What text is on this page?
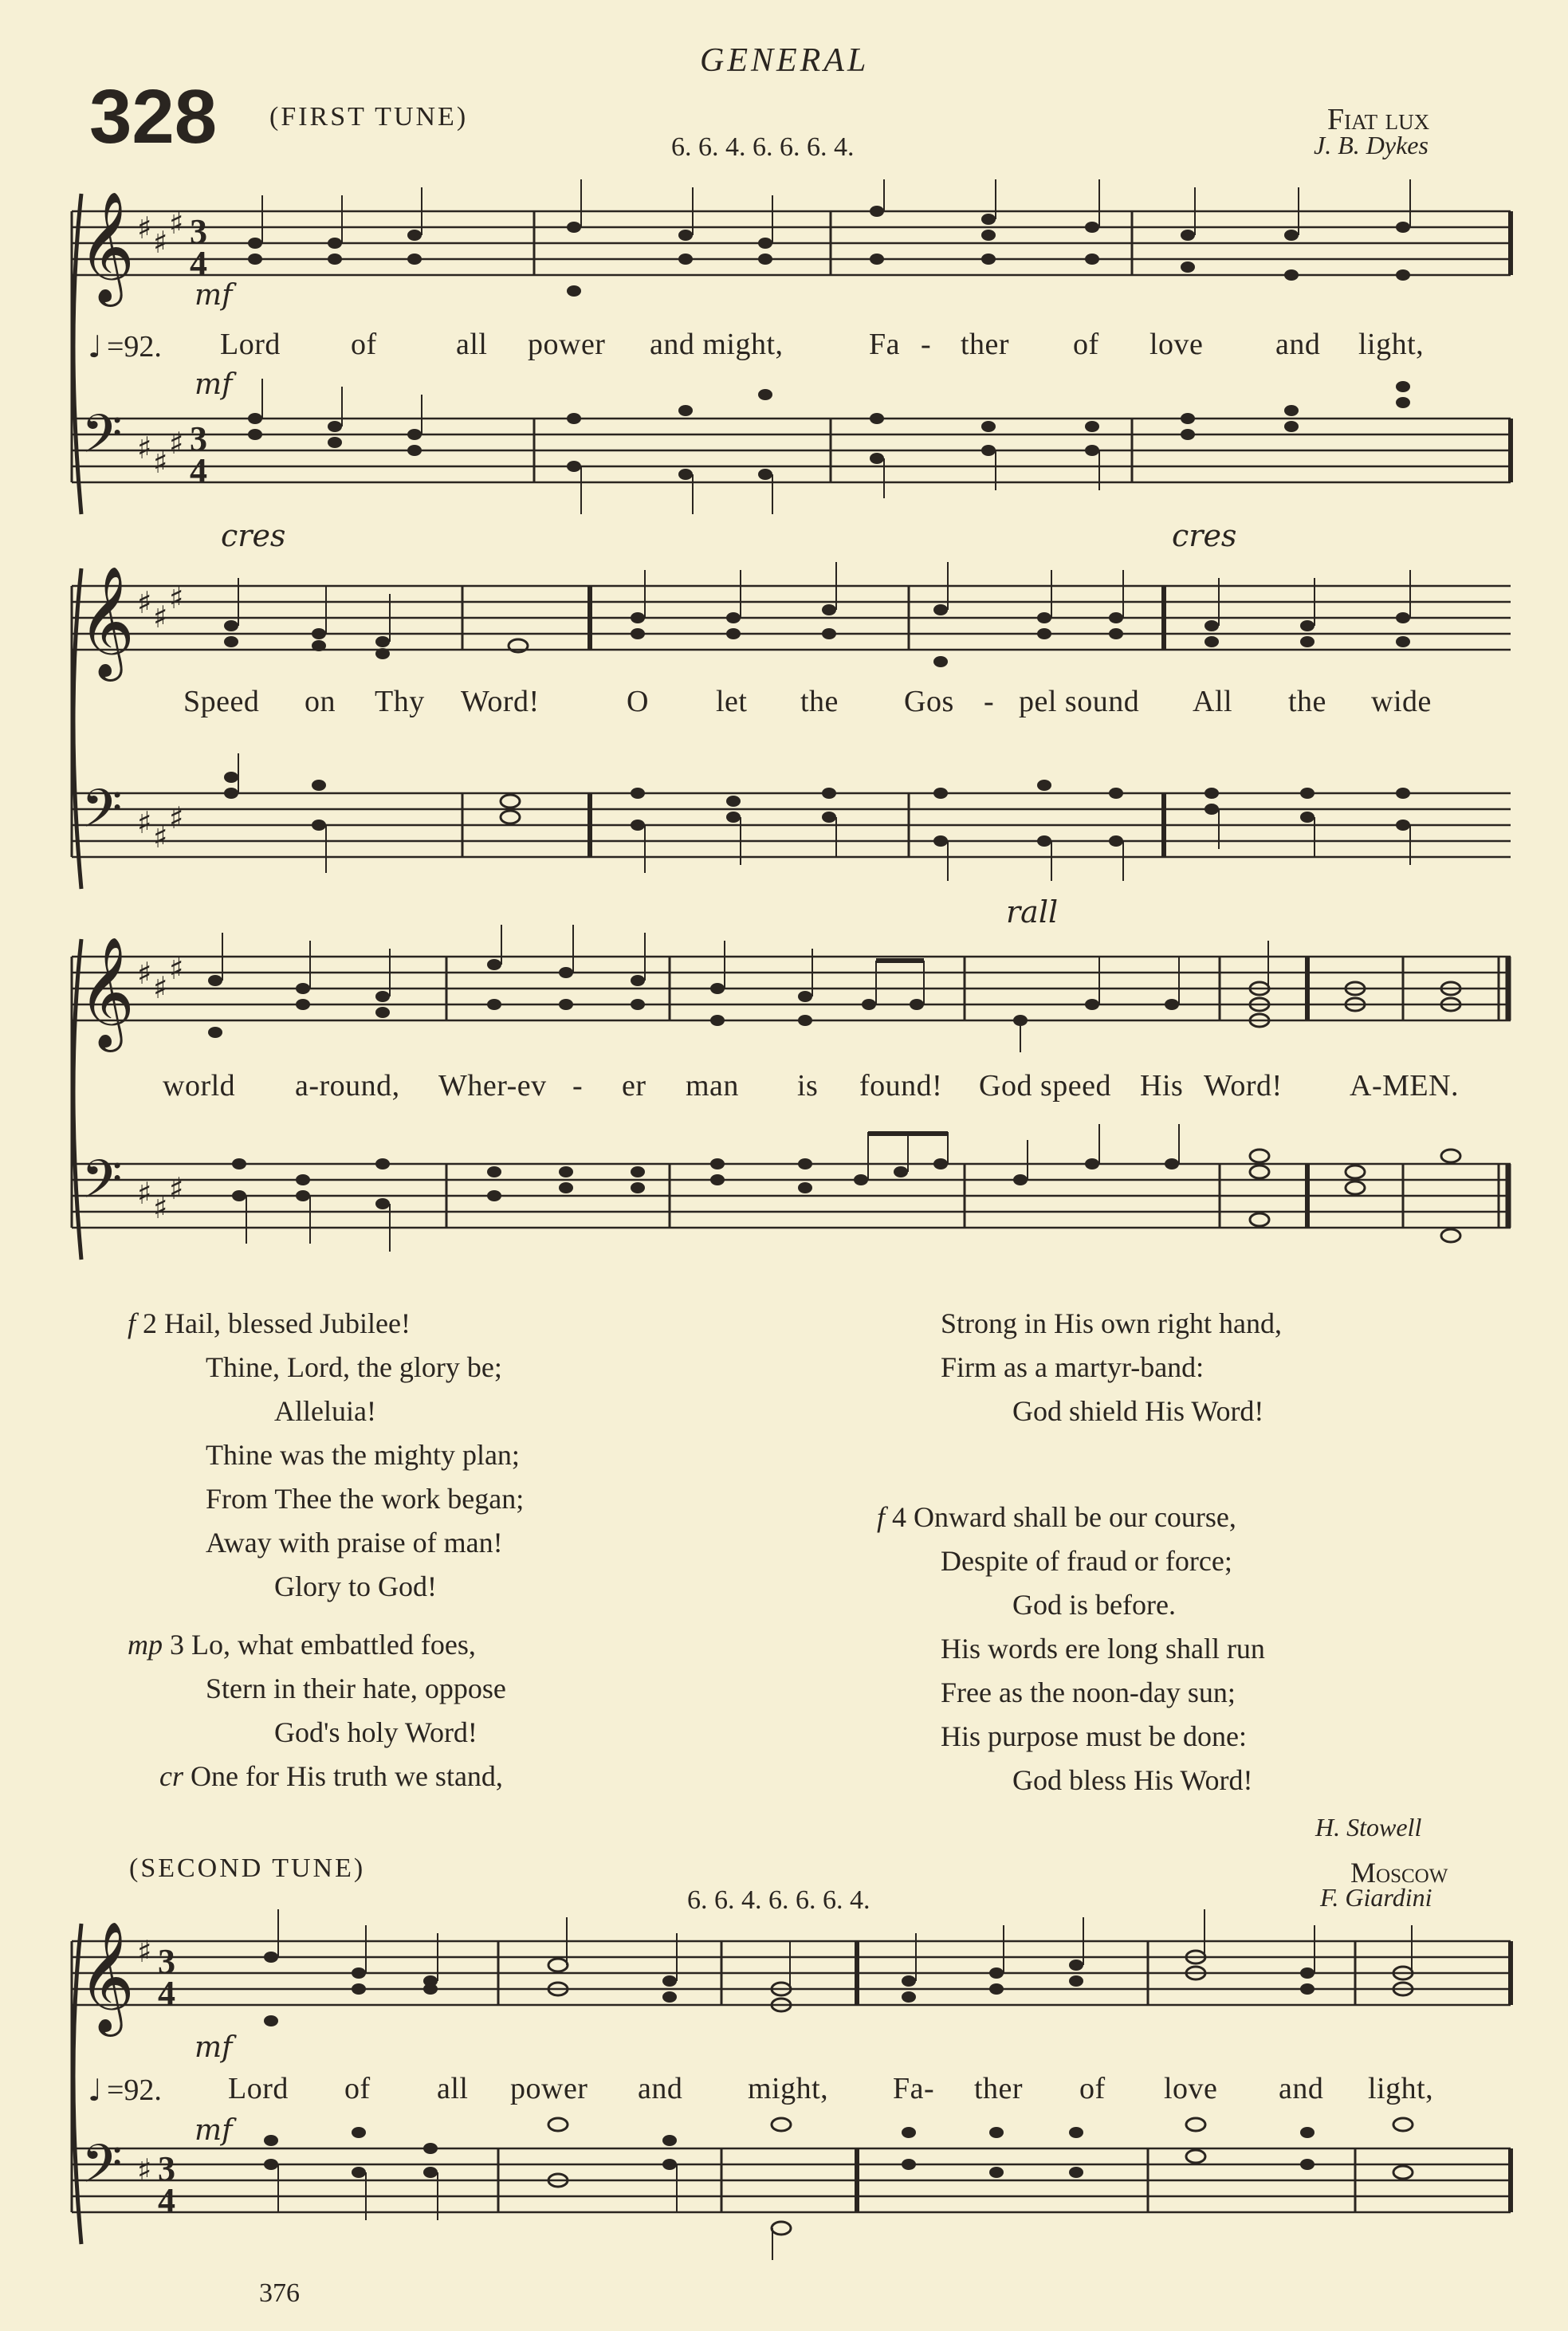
GENERAL
328 (FIRST TUNE)
6. 6. 4. 6. 6. 6. 4.
Fiat lux
J. B. Dykes
𝄞
𝄢
♯ ♯
♯
♯ ♯
♯
3
4
3
4
mf
♩ =92.
mf
Lord of	all power and might,	Fa - ther of love and light,
𝄞
𝄢
♯ ♯
♯
♯ ♯
♯
cres	cres
Speed on Thy Word!	O let the Gos - pel sound All the wide
𝄞
𝄢
♯ ♯
♯
♯ ♯
♯
rall
world a-round, Wher-ev - er man is found! God speed His Word! A-MEN.
f 2 Hail, blessed Jubilee!
Thine, Lord, the glory be;
Alleluia!
Thine was the mighty plan;
From Thee the work began;
Away with praise of man!
Glory to God!
mp 3 Lo, what embattled foes,
Stern in their hate, oppose
God's holy Word!
cr One for His truth we stand,
Strong in His own right hand,
Firm as a martyr-band:
God shield His Word!
f 4 Onward shall be our course,
Despite of fraud or force;
God is before.
His words ere long shall run
Free as the noon-day sun;
His purpose must be done:
God bless His Word!
H. Stowell
(SECOND TUNE)
6. 6. 4. 6. 6. 6. 4.
Moscow
F. Giardini
𝄞
𝄢
♯
♯
3
4
3
4
mf
♩ =92.
mf
Lord of all power and might, Fa- ther of love and light,
376
